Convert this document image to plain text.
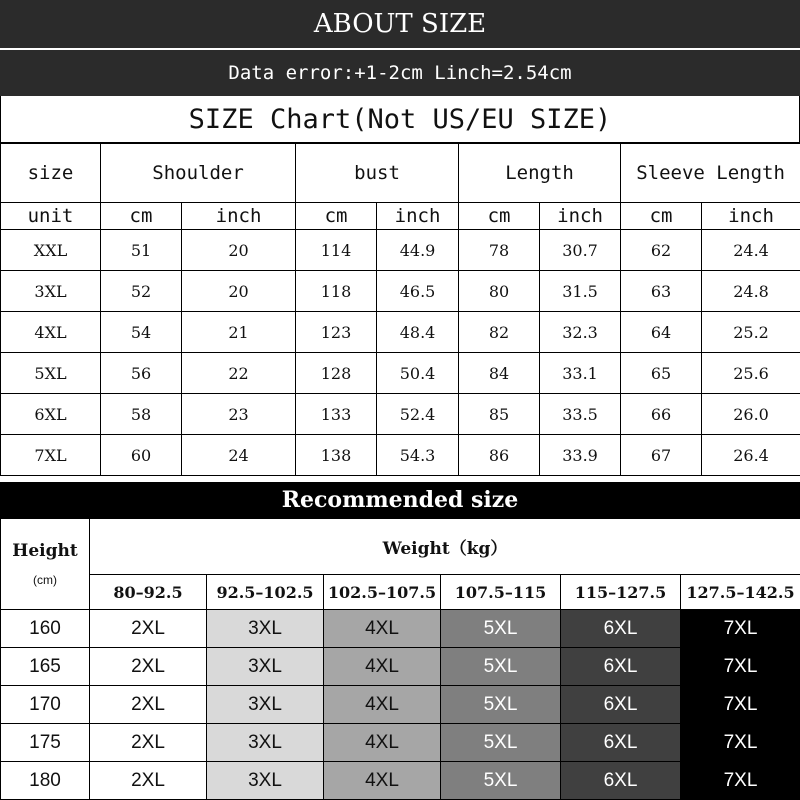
ABOUT SIZE
Data error:+1-2cm Linch=2.54cm
SIZE Chart(Not US/EU SIZE)
size	Shoulder		bust		Length		Sleeve Length	
unit	cm	inch	cm	inch	cm	inch	cm	inch
XXL	51	20	114	44.9	78	30.7	62	24.4
3XL	52	20	118	46.5	80	31.5	63	24.8
4XL	54	21	123	48.4	82	32.3	64	25.2
5XL	56	22	128	50.4	84	33.1	65	25.6
6XL	58	23	133	52.4	85	33.5	66	26.0
7XL	60	24	138	54.3	86	33.9	67	26.4
Recommended size
Height
(cm)	Weight（kg）					
	80–92.5	92.5–102.5	102.5–107.5	107.5–115	115–127.5	127.5–142.5
160	2XL	3XL	4XL	5XL	6XL	7XL
165	2XL	3XL	4XL	5XL	6XL	7XL
170	2XL	3XL	4XL	5XL	6XL	7XL
175	2XL	3XL	4XL	5XL	6XL	7XL
180	2XL	3XL	4XL	5XL	6XL	7XL
